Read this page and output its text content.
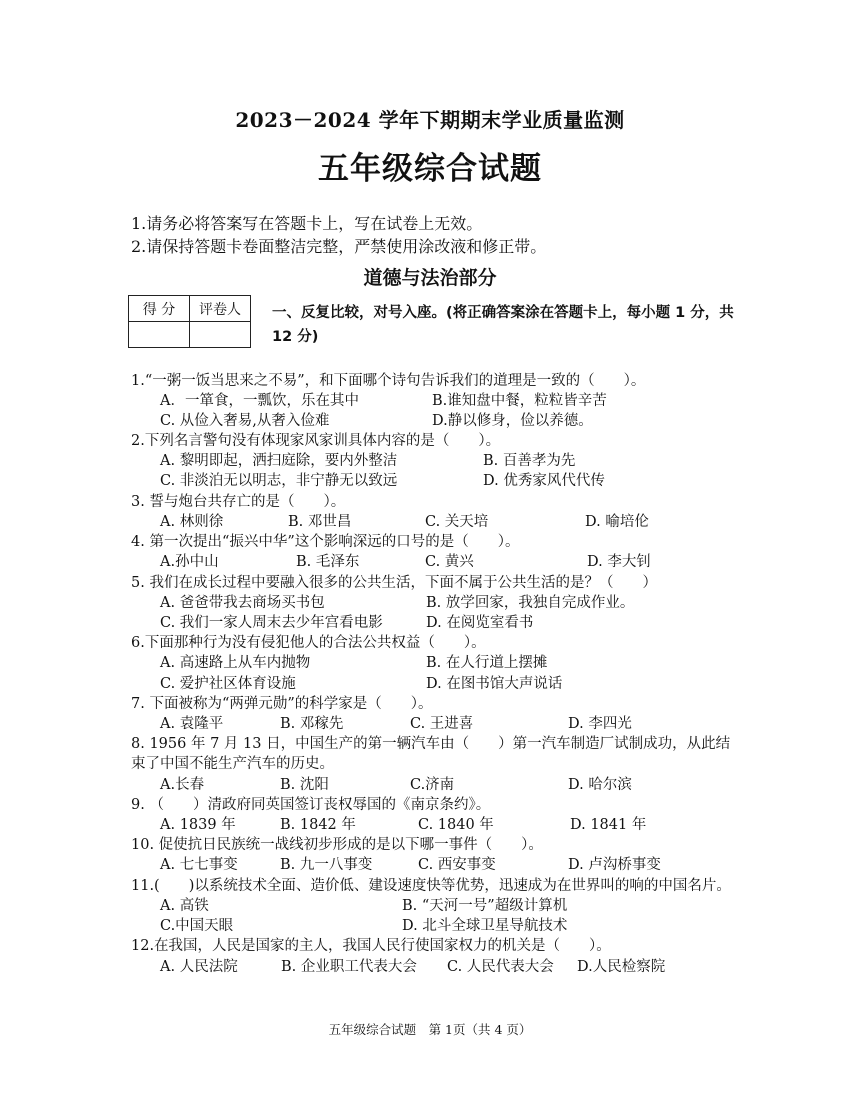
2023－2024 学年下期期末学业质量监测
五年级综合试题
1.请务必将答案写在答题卡上，写在试卷上无效。
2.请保持答题卡卷面整洁完整，严禁使用涂改液和修正带。
道德与法治部分
得 分	评卷人
	一、反复比较，对号入座。(将正确答案涂在答题卡上，每小题 1 分，共 12 分)
1.“一粥一饭当思来之不易”，和下面哪个诗句告诉我们的道理是一致的（　　）。
A．一箪食，一瓢饮，乐在其中	B.谁知盘中餐，粒粒皆辛苦
C. 从俭入奢易,从奢入俭难	D.静以修身，俭以养德。
2.下列名言警句没有体现家风家训具体内容的是（　　）。
A. 黎明即起，洒扫庭除，要内外整洁	B. 百善孝为先
C. 非淡泊无以明志，非宁静无以致远	D. 优秀家风代代传
3. 誓与炮台共存亡的是（　　）。
A. 林则徐	B. 邓世昌	C. 关天培	D. 喻培伦
4. 第一次提出“振兴中华”这个影响深远的口号的是（　　）。
A.孙中山	B. 毛泽东	C. 黄兴	D. 李大钊
5. 我们在成长过程中要融入很多的公共生活，下面不属于公共生活的是？（　　）
A. 爸爸带我去商场买书包	B. 放学回家，我独自完成作业。
C. 我们一家人周末去少年宫看电影	D. 在阅览室看书
6.下面那种行为没有侵犯他人的合法公共权益（　　）。
A. 高速路上从车内抛物	B. 在人行道上摆摊
C. 爱护社区体育设施	D. 在图书馆大声说话
7. 下面被称为“两弹元勋”的科学家是（　　）。
A. 袁隆平	B. 邓稼先	C. 王进喜	D. 李四光
8. 1956 年 7 月 13 日，中国生产的第一辆汽车由（　　）第一汽车制造厂试制成功，从此结
束了中国不能生产汽车的历史。
A.长春	B. 沈阳	C.济南	D. 哈尔滨
9. （　　）清政府同英国签订丧权辱国的《南京条约》。
A. 1839 年	B. 1842 年	C. 1840 年	D. 1841 年
10. 促使抗日民族统一战线初步形成的是以下哪一事件（　　）。
A. 七七事变	B. 九一八事变	C. 西安事变	D. 卢沟桥事变
11.(　　)以系统技术全面、造价低、建设速度快等优势，迅速成为在世界叫的响的中国名片。
A. 高铁	B. “天河一号”超级计算机
C.中国天眼	D. 北斗全球卫星导航技术
12.在我国，人民是国家的主人，我国人民行使国家权力的机关是（　　）。
A. 人民法院	B. 企业职工代表大会 C. 人民代表大会 D.人民检察院
五年级综合试题　第 1页（共 4 页）
